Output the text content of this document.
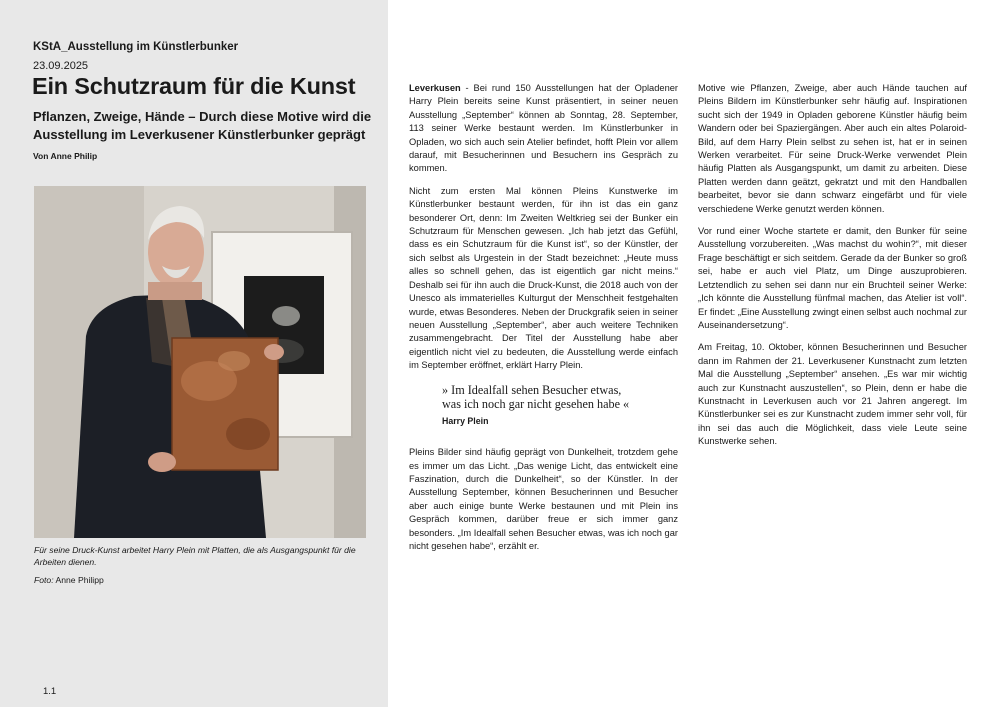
KStA_Ausstellung im Künstlerbunker
23.09.2025
Ein Schutzraum für die Kunst
Pflanzen, Zweige, Hände – Durch diese Motive wird die Ausstellung im Leverkusener Künstlerbunker geprägt
Von Anne Philip
Für seine Druck-Kunst arbeitet Harry Plein mit Platten, die als Ausgangspunkt für die Arbeiten dienen.
Foto: Anne Philipp
1.1

Leverkusen - Bei rund 150 Ausstellungen hat der Opladener Harry Plein bereits seine Kunst präsentiert, in seiner neuen Ausstellung „September“ können ab Sonntag, 28. September, 113 seiner Werke bestaunt werden. Im Künstlerbunker in Opladen, wo sich auch sein Atelier befindet, hofft Plein vor allem darauf, mit Besucherinnen und Besuchern ins Gespräch zu kommen.

Nicht zum ersten Mal können Pleins Kunstwerke im Künstlerbunker bestaunt werden, für ihn ist das ein ganz besonderer Ort, denn: Im Zweiten Weltkrieg sei der Bunker ein Schutzraum für Menschen gewesen. „Ich hab jetzt das Gefühl, dass es ein Schutzraum für die Kunst ist“, so der Künstler, der sich selbst als Urgestein in der Stadt bezeichnet: „Heute muss alles so schnell gehen, das ist eigentlich gar nicht meins.“ Deshalb sei für ihn auch die Druck-Kunst, die 2018 auch von der Unesco als immaterielles Kulturgut der Menschheit festgehalten wurde, etwas Besonderes. Neben der Druckgrafik seien in seiner neuen Ausstellung „September“, aber auch weitere Techniken zusammengebracht. Der Titel der Ausstellung habe aber eigentlich nicht viel zu bedeuten, die Ausstellung werde einfach im September eröffnet, erklärt Harry Plein.

» Im Idealfall sehen Besucher etwas, was ich noch gar nicht gesehen habe «
Harry Plein

Pleins Bilder sind häufig geprägt von Dunkelheit, trotzdem gehe es immer um das Licht. „Das wenige Licht, das entwickelt eine Faszination, durch die Dunkelheit“, so der Künstler. In der Ausstellung September, können Besucherinnen und Besucher aber auch einige bunte Werke bestaunen und mit Plein ins Gespräch kommen, darüber freue er sich immer ganz besonders. „Im Idealfall sehen Besucher etwas, was ich noch gar nicht gesehen habe“, erzählt er.

Motive wie Pflanzen, Zweige, aber auch Hände tauchen auf Pleins Bildern im Künstlerbunker sehr häufig auf. Inspirationen sucht sich der 1949 in Opladen geborene Künstler häufig beim Wandern oder bei Spaziergängen. Aber auch ein altes Polaroid-Bild, auf dem Harry Plein selbst zu sehen ist, hat er in seinen Werken verarbeitet. Für seine Druck-Werke verwendet Plein häufig Platten als Ausgangspunkt, um damit zu arbeiten. Diese Platten werden dann geätzt, gekratzt und mit den Handballen bearbeitet, bevor sie dann schwarz eingefärbt und für viele verschiedene Werke genutzt werden können.

Vor rund einer Woche startete er damit, den Bunker für seine Ausstellung vorzubereiten. „Was machst du wohin?“, mit dieser Frage beschäftigt er sich seitdem. Gerade da der Bunker so groß sei, habe er auch viel Platz, um Dinge auszuprobieren. Letztendlich zu sehen sei dann nur ein Bruchteil seiner Werke: „Ich könnte die Ausstellung fünfmal machen, das Atelier ist voll“. Er findet: „Eine Ausstellung zwingt einen selbst auch nochmal zur Auseinandersetzung“.

Am Freitag, 10. Oktober, können Besucherinnen und Besucher dann im Rahmen der 21. Leverkusener Kunstnacht zum letzten Mal die Ausstellung „September“ ansehen. „Es war mir wichtig auch zur Kunstnacht auszustellen“, so Plein, denn er habe die Kunstnacht in Leverkusen auch vor 21 Jahren angeregt. Im Künstlerbunker sei es zur Kunstnacht zudem immer sehr voll, für ihn sei das auch die Möglichkeit, dass viele Leute seine Kunstwerke sehen.
